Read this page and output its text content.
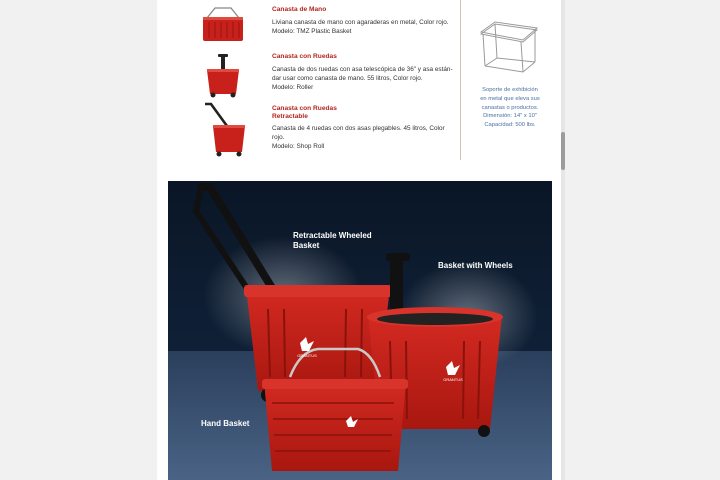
Canasta de Mano
Liviana canasta de mano con agaraderas en metal, Color rojo.
Modelo: TMZ Plastic Basket
Canasta con Ruedas
Canasta de dos ruedas con asa telescópica de 36" y asa están-dar usar como canasta de mano. 55 litros, Color rojo.
Modelo: Roller
Canasta con Ruedas
Retractable
Canasta de 4 ruedas con dos asas plegables. 45 litros, Color rojo.
Modelo: Shop Roll
Soporte de exhibición
en metal que eleva sus
canastas o productos.
Dimensión: 14" x 10"
Capacidad: 500 lbs.
GRANTUS
GRANTUS
Retractable Wheeled
Basket
Basket with Wheels
Hand Basket
